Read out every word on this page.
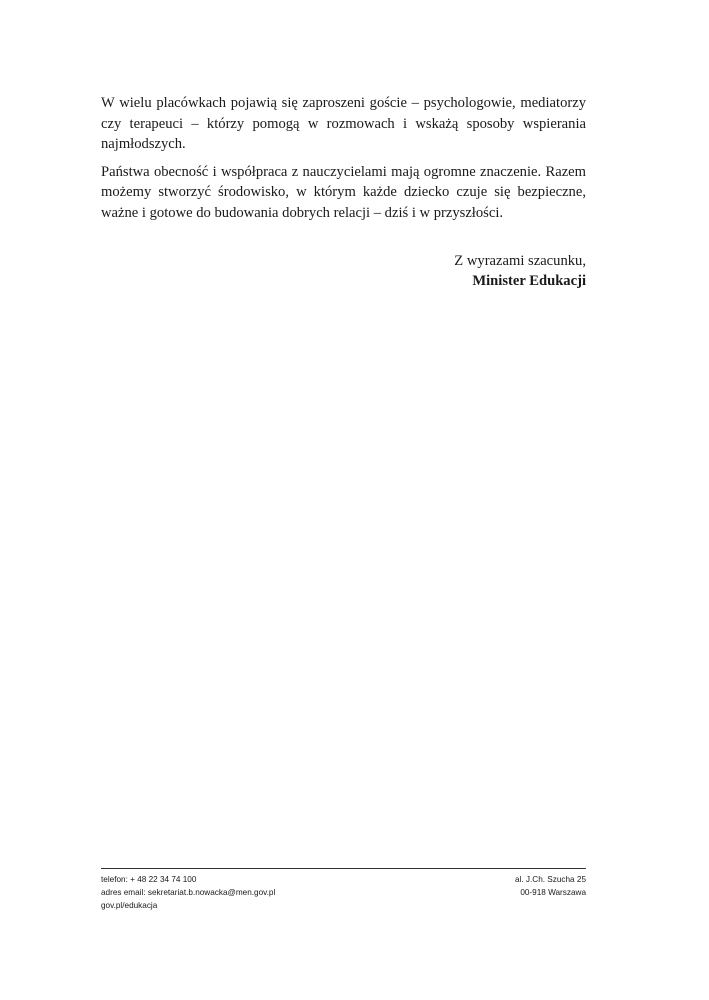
W wielu placówkach pojawią się zaproszeni goście – psychologowie, mediatorzy czy terapeuci – którzy pomogą w rozmowach i wskażą sposoby wspierania najmłodszych.

Państwa obecność i współpraca z nauczycielami mają ogromne znaczenie. Razem możemy stworzyć środowisko, w którym każde dziecko czuje się bezpieczne, ważne i gotowe do budowania dobrych relacji – dziś i w przyszłości.

Z wyrazami szacunku,
Minister Edukacji
telefon: + 48 22 34 74 100
adres email: sekretariat.b.nowacka@men.gov.pl
gov.pl/edukacja
al. J.Ch. Szucha 25
00-918 Warszawa
